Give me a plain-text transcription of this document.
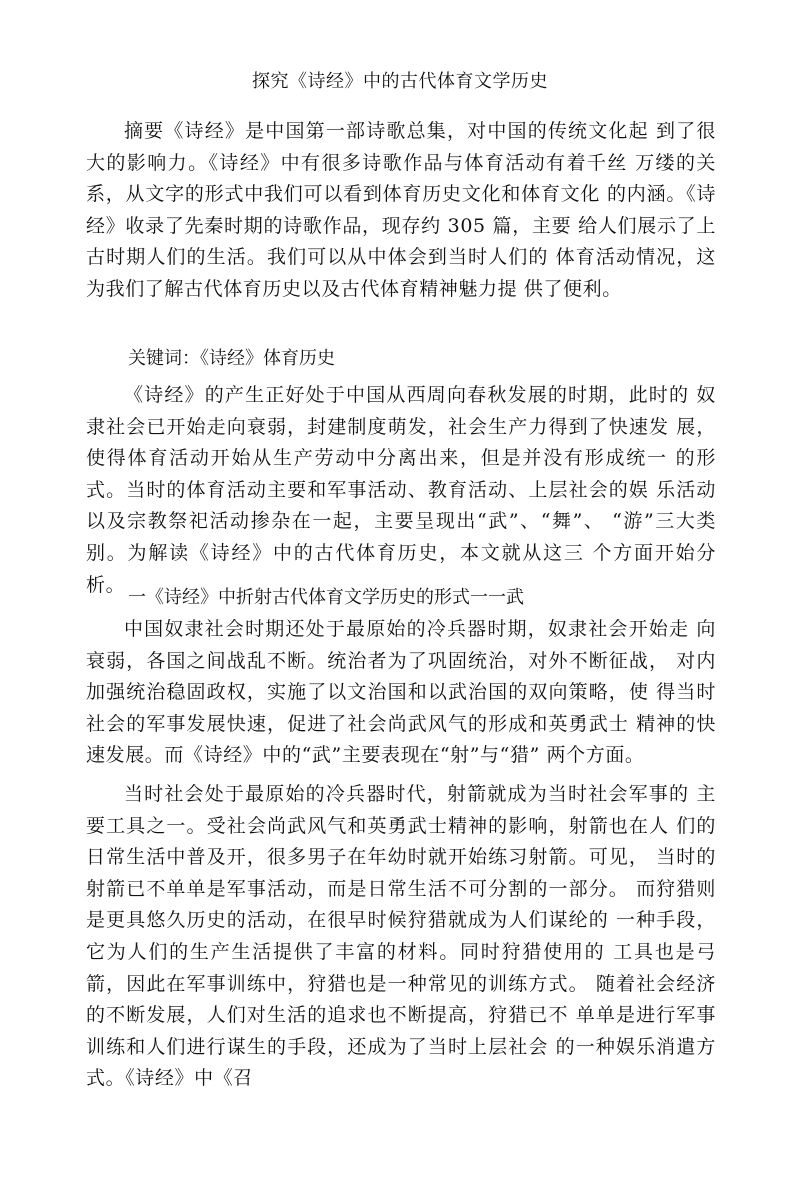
探究《诗经》中的古代体育文学历史
摘要《诗经》是中国第一部诗歌总集，对中国的传统文化起 到了很大的影响力。《诗经》中有很多诗歌作品与体育活动有着千丝 万缕的关系，从文字的形式中我们可以看到体育历史文化和体育文化 的内涵。《诗经》收录了先秦时期的诗歌作品，现存约 305 篇，主要 给人们展示了上古时期人们的生活。我们可以从中体会到当时人们的 体育活动情况，这为我们了解古代体育历史以及古代体育精神魅力提 供了便利。
关键词：《诗经》体育历史
《诗经》的产生正好处于中国从西周向春秋发展的时期，此时的 奴隶社会已开始走向衰弱，封建制度萌发，社会生产力得到了快速发 展，使得体育活动开始从生产劳动中分离出来，但是并没有形成统一 的形式。当时的体育活动主要和军事活动、教育活动、上层社会的娱 乐活动以及宗教祭祀活动掺杂在一起，主要呈现出“武”、“舞”、 “游”三大类别。为解读《诗经》中的古代体育历史，本文就从这三 个方面开始分析。
一《诗经》中折射古代体育文学历史的形式一一武
中国奴隶社会时期还处于最原始的冷兵器时期，奴隶社会开始走 向衰弱，各国之间战乱不断。统治者为了巩固统治，对外不断征战， 对内加强统治稳固政权，实施了以文治国和以武治国的双向策略，使 得当时社会的军事发展快速，促进了社会尚武风气的形成和英勇武士 精神的快速发展。而《诗经》中的“武”主要表现在“射”与“猎” 两个方面。
当时社会处于最原始的冷兵器时代，射箭就成为当时社会军事的 主要工具之一。受社会尚武风气和英勇武士精神的影响，射箭也在人 们的日常生活中普及开，很多男子在年幼时就开始练习射箭。可见， 当时的射箭已不单单是军事活动，而是日常生活不可分割的一部分。 而狩猎则是更具悠久历史的活动，在很早时候狩猎就成为人们谋纶的 一种手段，它为人们的生产生活提供了丰富的材料。同时狩猎使用的 工具也是弓箭，因此在军事训练中，狩猎也是一种常见的训练方式。 随着社会经济的不断发展，人们对生活的追求也不断提高，狩猎已不 单单是进行军事训练和人们进行谋生的手段，还成为了当时上层社会 的一种娱乐消遣方式。《诗经》中《召
